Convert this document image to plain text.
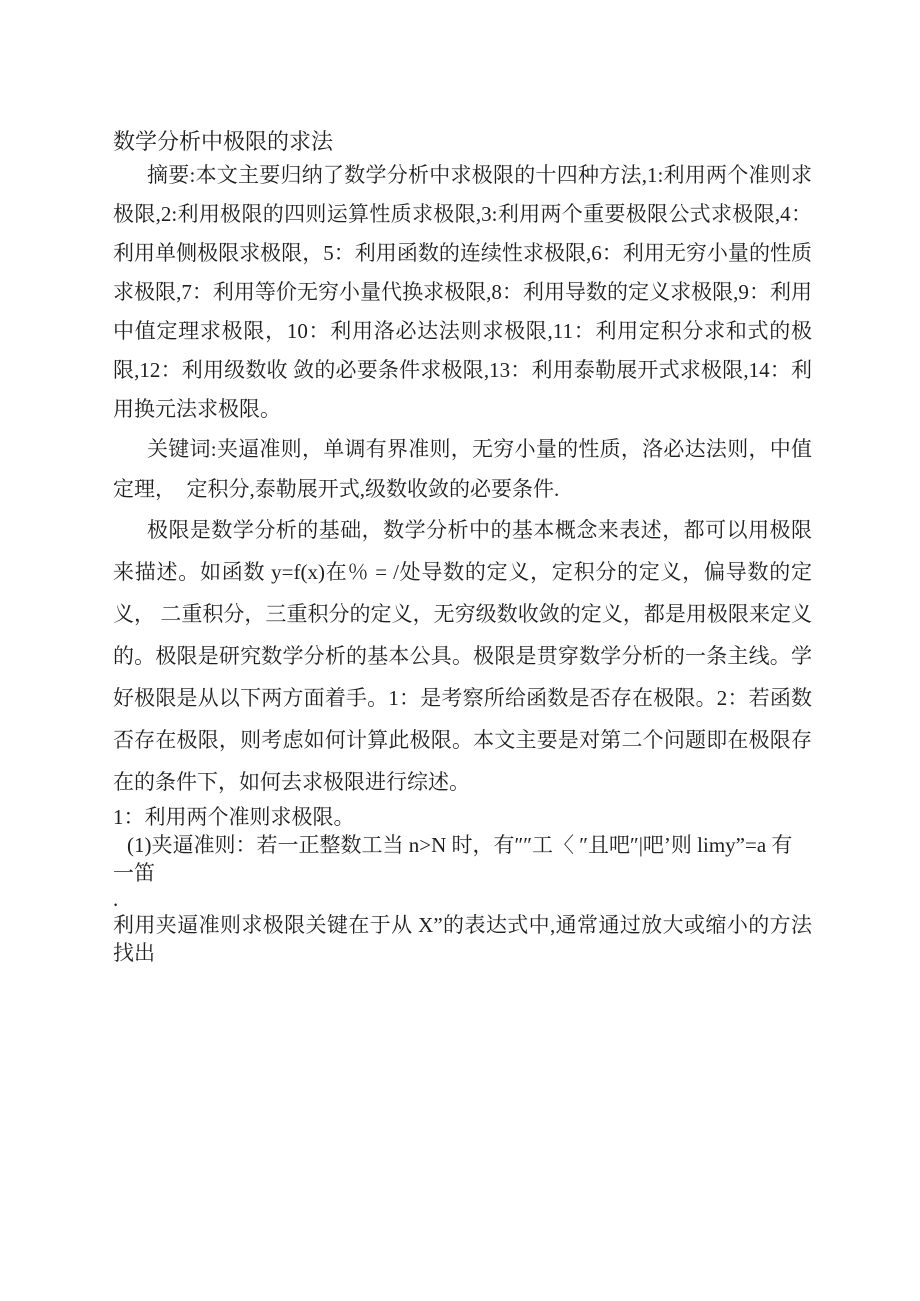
数学分析中极限的求法

摘要:本文主要归纳了数学分析中求极限的十四种方法,1:利用两个准则求极限,2:利用极限的四则运算性质求极限,3:利用两个重要极限公式求极限,4：利用单侧极限求极限，5：利用函数的连续性求极限,6：利用无穷小量的性质求极限,7：利用等价无穷小量代换求极限,8：利用导数的定义求极限,9：利用中值定理求极限，10：利用洛必达法则求极限,11：利用定积分求和式的极限,12：利用级数收 敛的必要条件求极限,13：利用泰勒展开式求极限,14：利用换元法求极限。

关键词:夹逼准则，单调有界准则，无穷小量的性质，洛必达法则，中值定理，　定积分,泰勒展开式,级数收敛的必要条件.

极限是数学分析的基础，数学分析中的基本概念来表述，都可以用极限来描述。如函数 y=f(x)在％ = /处导数的定义，定积分的定义，偏导数的定义， 二重积分，三重积分的定义，无穷级数收敛的定义，都是用极限来定义的。极限是研究数学分析的基本公具。极限是贯穿数学分析的一条主线。学好极限是从以下两方面着手。1：是考察所给函数是否存在极限。2：若函数否存在极限，则考虑如何计算此极限。本文主要是对第二个问题即在极限存在的条件下，如何去求极限进行综述。

1：利用两个准则求极限。

(1)夹逼准则：若一正整数工当 n>N 时，有″″工〈 ″且吧″|吧’则 limy”=a 有一笛

.

利用夹逼准则求极限关键在于从 X”的表达式中,通常通过放大或缩小的方法找出
